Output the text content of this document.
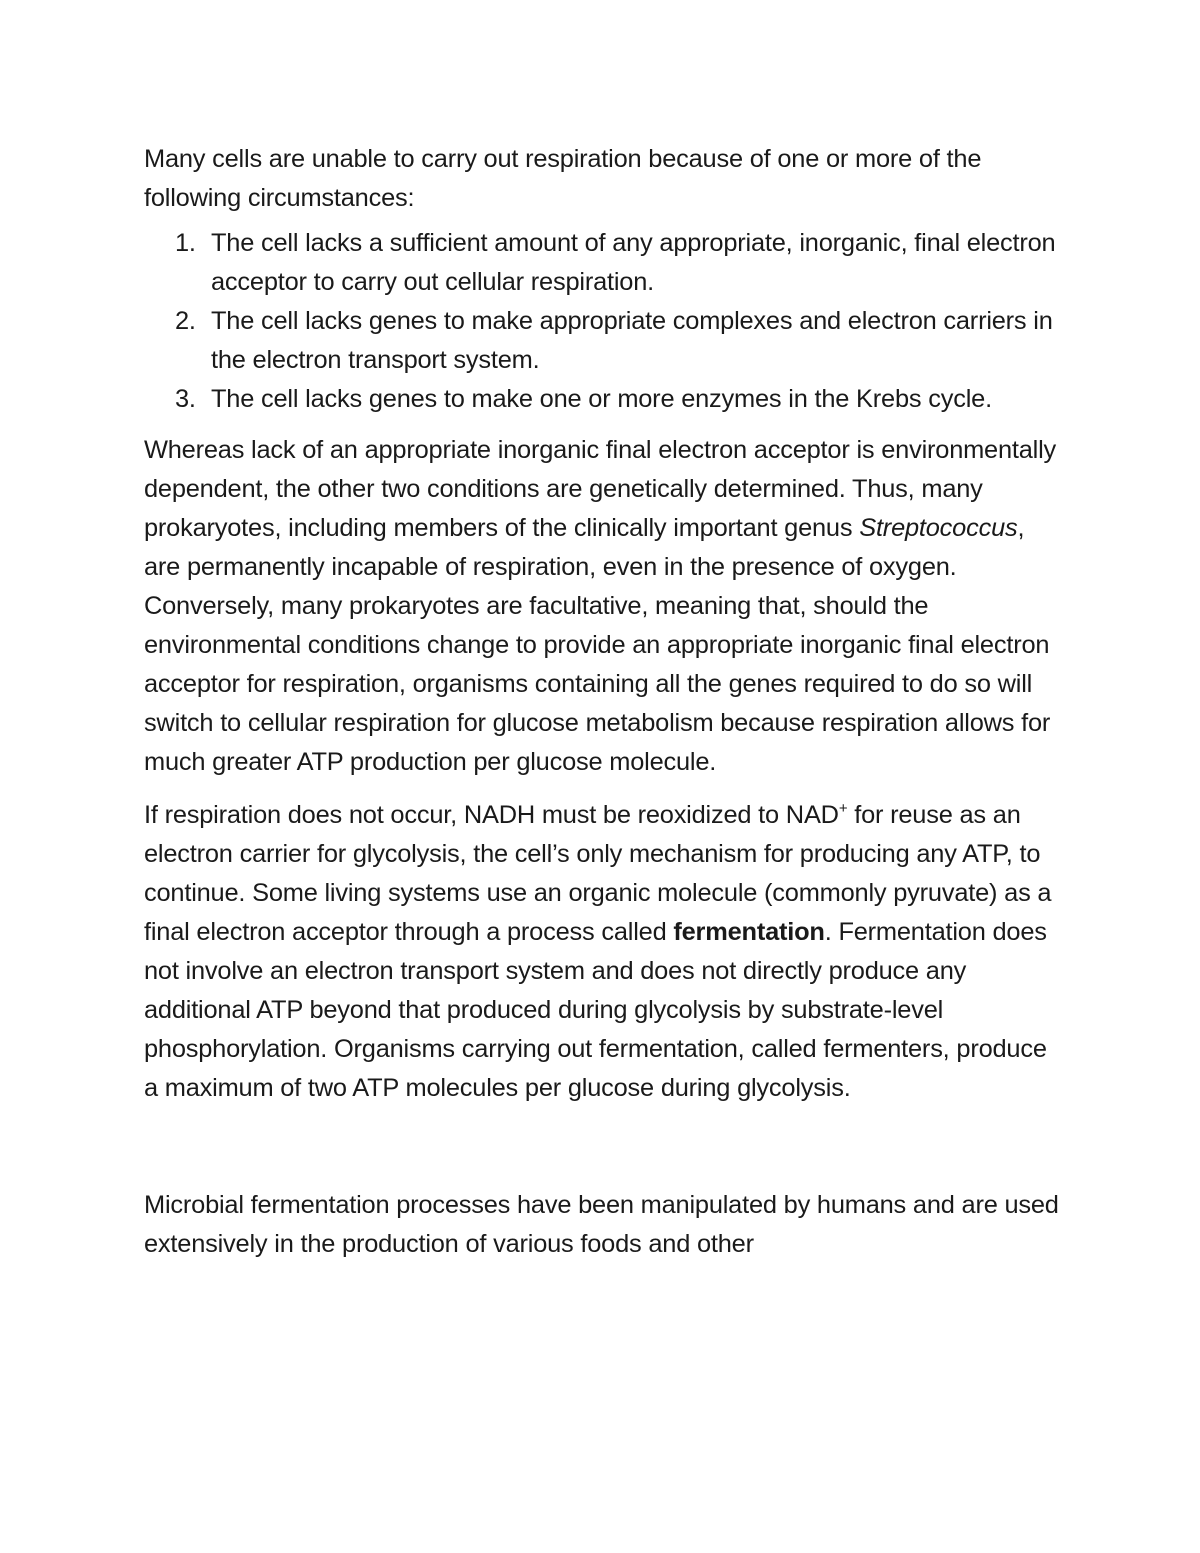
Many cells are unable to carry out respiration because of one or more of the following circumstances:

1. The cell lacks a sufficient amount of any appropriate, inorganic, final electron acceptor to carry out cellular respiration.
2. The cell lacks genes to make appropriate complexes and electron carriers in the electron transport system.
3. The cell lacks genes to make one or more enzymes in the Krebs cycle.

Whereas lack of an appropriate inorganic final electron acceptor is environmentally dependent, the other two conditions are genetically determined. Thus, many prokaryotes, including members of the clinically important genus Streptococcus, are permanently incapable of respiration, even in the presence of oxygen. Conversely, many prokaryotes are facultative, meaning that, should the environmental conditions change to provide an appropriate inorganic final electron acceptor for respiration, organisms containing all the genes required to do so will switch to cellular respiration for glucose metabolism because respiration allows for much greater ATP production per glucose molecule.

If respiration does not occur, NADH must be reoxidized to NAD+ for reuse as an electron carrier for glycolysis, the cell’s only mechanism for producing any ATP, to continue. Some living systems use an organic molecule (commonly pyruvate) as a final electron acceptor through a process called fermentation. Fermentation does not involve an electron transport system and does not directly produce any additional ATP beyond that produced during glycolysis by substrate-level phosphorylation. Organisms carrying out fermentation, called fermenters, produce a maximum of two ATP molecules per glucose during glycolysis.

Microbial fermentation processes have been manipulated by humans and are used extensively in the production of various foods and other
